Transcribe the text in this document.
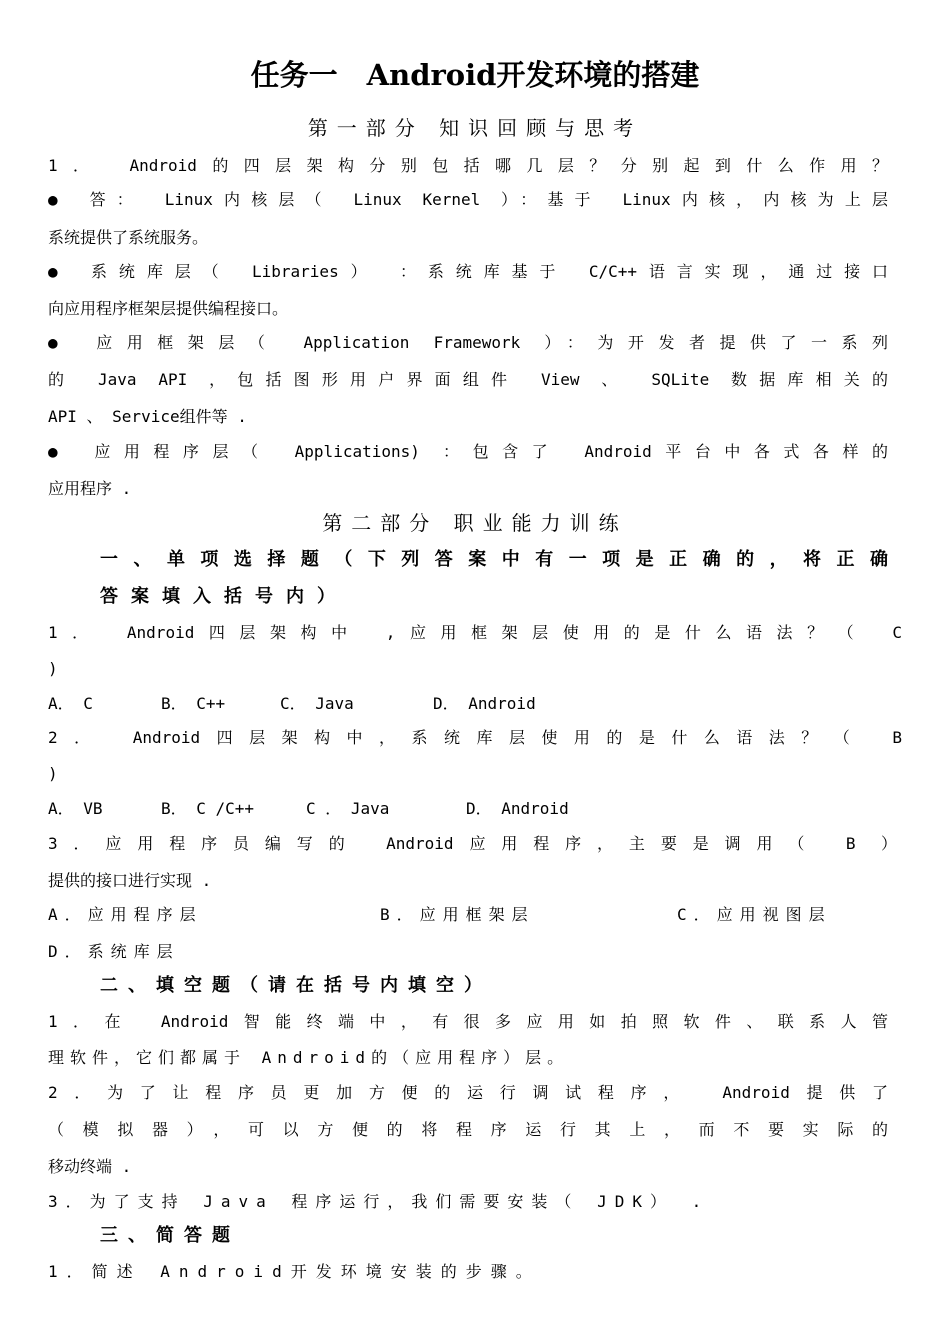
任务一　Android开发环境的搭建
第一部分 知识回顾与思考
1． Android的四层架构分别包括哪几层？分别起到什么作用？
● 答： Linux内核层（ Linux Kernel ）：基于 Linux内核，内核为上层
系统提供了系统服务。
● 系统库层（ Libraries） ：系统库基于 C/C++语言实现，通过接口
向应用程序框架层提供编程接口。
● 应用框架层（ Application Framework ）：为开发者提供了一系列
的 Java API ，包括图形用户界面组件 View 、 SQLite 数据库相关的
API 、 Service组件等 .
● 应用程序层（ Applications) ：包含了 Android平台中各式各样的
应用程序 .
第二部分 职业能力训练
一、单项选择题（下列答案中有一项是正确的，将正确
答案填入括号内）
1． Android四层架构中 ,应用框架层使用的是什么语法？（ C
)
A． C	B． C++	C． Java	D． Android
2． Android四层架构中，系统库层使用的是什么语法？（ B
)
A． VB	B． C /C++	C ． Java	D． Android
3．应用程序员编写的 Android应用程序，主要是调用（ B ）
提供的接口进行实现 .
A．应用程序层	B．应用框架层	C．应用视图层
D．系统库层
二、填空题（请在括号内填空）
1．在 Android智能终端中，有很多应用如拍照软件、联系人管
理软件，它们都属于 Android的（应用程序）层。
2．为了让程序员更加方便的运行调试程序， Android提供了
（模拟器），可以方便的将程序运行其上，而不要实际的
移动终端 .
3．为了支持 Java 程序运行，我们需要安装（ JDK） .
三、简答题
1．简述 Android开发环境安装的步骤。
